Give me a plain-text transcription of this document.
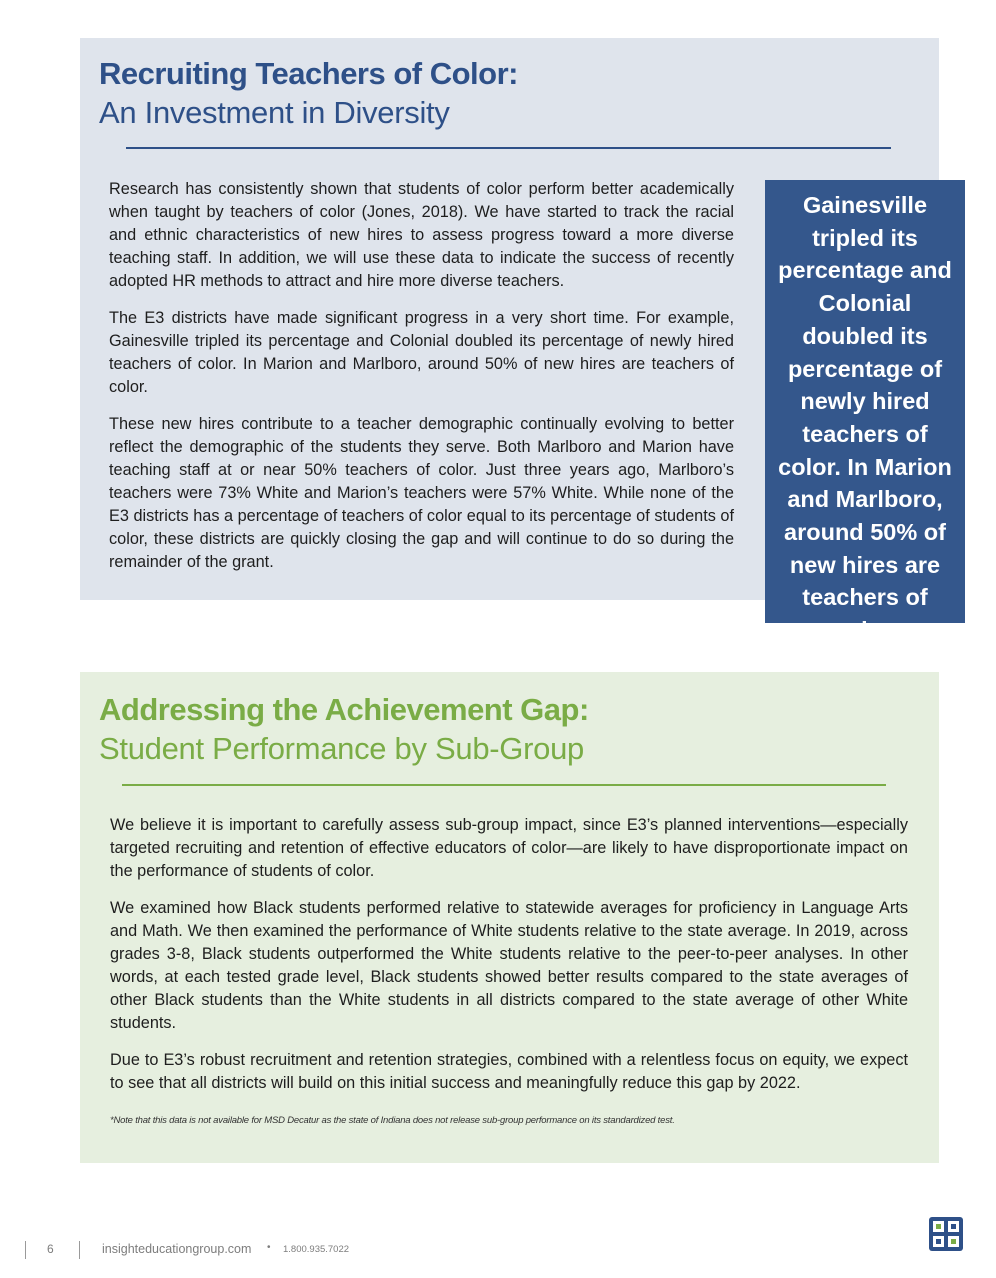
Recruiting Teachers of Color:
An Investment in Diversity

Research has consistently shown that students of color perform better academically when taught by teachers of color (Jones, 2018). We have started to track the racial and ethnic characteristics of new hires to assess progress toward a more diverse teaching staff. In addition, we will use these data to indicate the success of recently adopted HR methods to attract and hire more diverse teachers.

The E3 districts have made significant progress in a very short time. For example, Gainesville tripled its percentage and Colonial doubled its percentage of newly hired teachers of color. In Marion and Marlboro, around 50% of new hires are teachers of color.

These new hires contribute to a teacher demographic continually evolving to better reflect the demographic of the students they serve. Both Marlboro and Marion have teaching staff at or near 50% teachers of color. Just three years ago, Marlboro’s teachers were 73% White and Marion’s teachers were 57% White. While none of the E3 districts has a percentage of teachers of color equal to its percentage of students of color, these districts are quickly closing the gap and will continue to do so during the remainder of the grant.

Gainesville tripled its percentage and Colonial doubled its percentage of newly hired teachers of color. In Marion and Marlboro, around 50% of new hires are teachers of color.
Addressing the Achievement Gap:
Student Performance by Sub-Group

We believe it is important to carefully assess sub-group impact, since E3’s planned interventions—especially targeted recruiting and retention of effective educators of color—are likely to have disproportionate impact on the performance of students of color.

We examined how Black students performed relative to statewide averages for proficiency in Language Arts and Math. We then examined the performance of White students relative to the state average. In 2019, across grades 3-8, Black students outperformed the White students relative to the peer-to-peer analyses. In other words, at each tested grade level, Black students showed better results compared to the state averages of other Black students than the White students in all districts compared to the state average of other White students.

Due to E3’s robust recruitment and retention strategies, combined with a relentless focus on equity, we expect to see that all districts will build on this initial success and meaningfully reduce this gap by 2022.

*Note that this data is not available for MSD Decatur as the state of Indiana does not release sub-group performance on its standardized test.
6	insighteducationgroup.com • 1.800.935.7022
